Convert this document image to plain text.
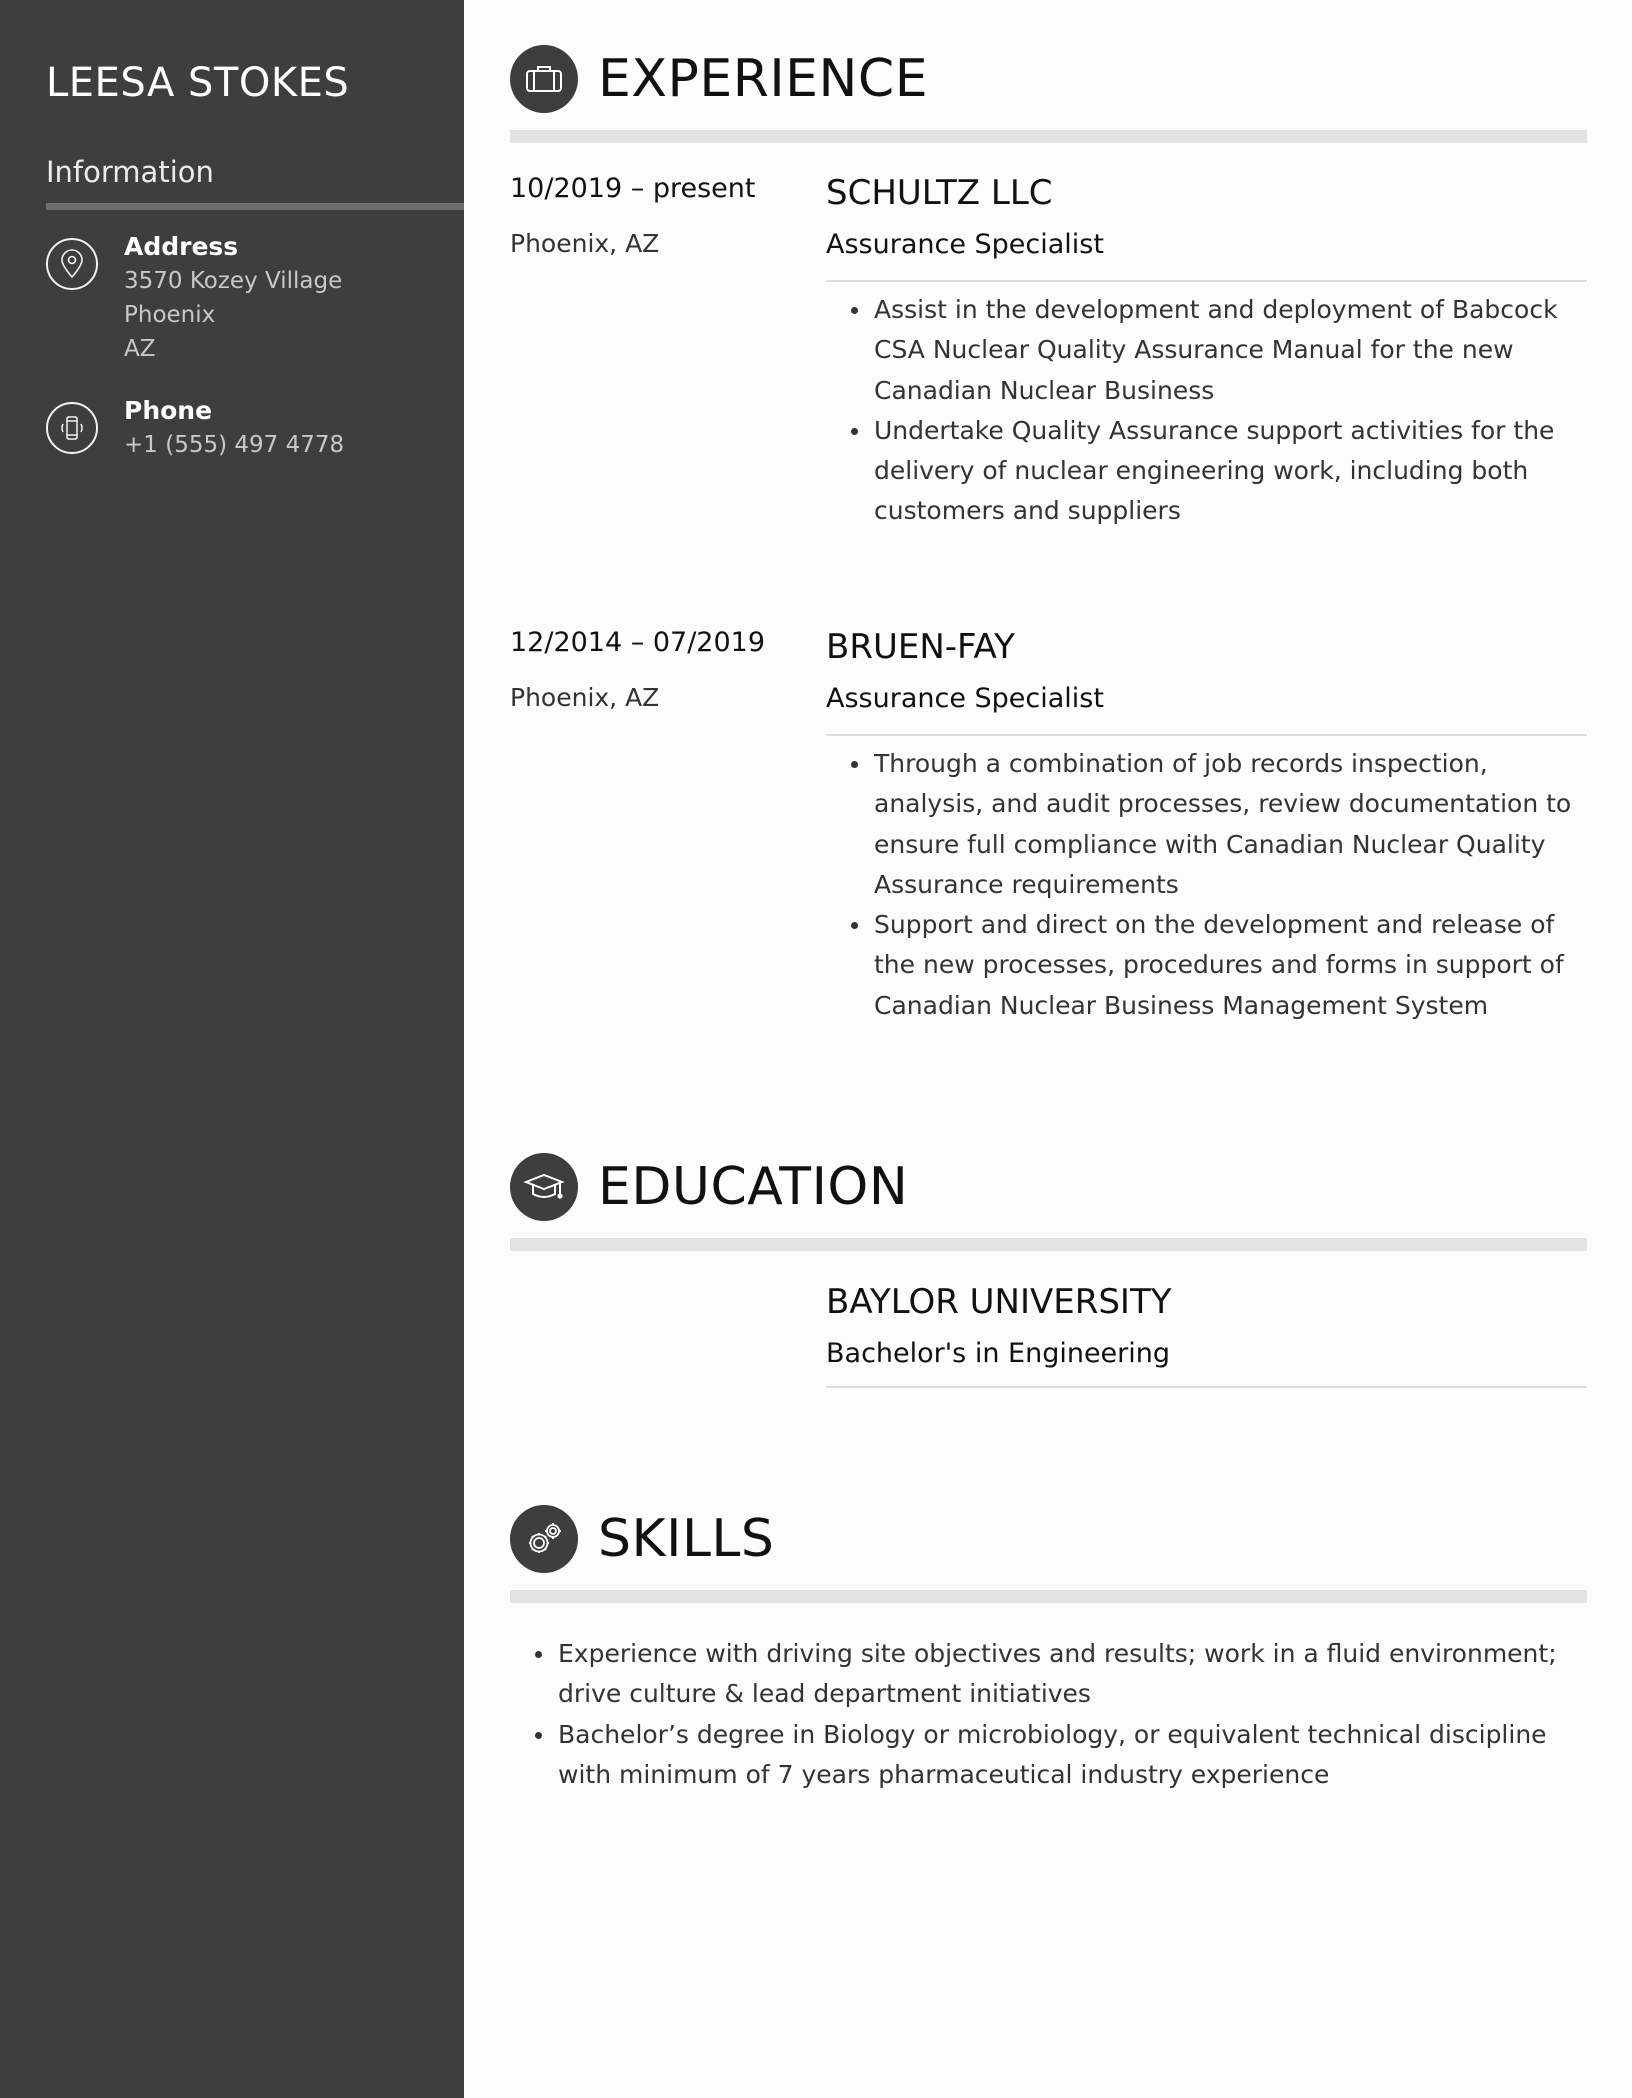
LEESA STOKES
Information
Address
3570 Kozey Village
Phoenix
AZ
Phone
+1 (555) 497 4778
EXPERIENCE
10/2019 – present
Phoenix, AZ
SCHULTZ LLC
Assurance Specialist
Assist in the development and deployment of Babcock CSA Nuclear Quality Assurance Manual for the new Canadian Nuclear Business
Undertake Quality Assurance support activities for the delivery of nuclear engineering work, including both customers and suppliers
12/2014 – 07/2019
Phoenix, AZ
BRUEN-FAY
Assurance Specialist
Through a combination of job records inspection, analysis, and audit processes, review documentation to ensure full compliance with Canadian Nuclear Quality Assurance requirements
Support and direct on the development and release of the new processes, procedures and forms in support of Canadian Nuclear Business Management System
EDUCATION
BAYLOR UNIVERSITY
Bachelor's in Engineering
SKILLS
Experience with driving site objectives and results; work in a fluid environment; drive culture & lead department initiatives
Bachelor’s degree in Biology or microbiology, or equivalent technical discipline with minimum of 7 years pharmaceutical industry experience
